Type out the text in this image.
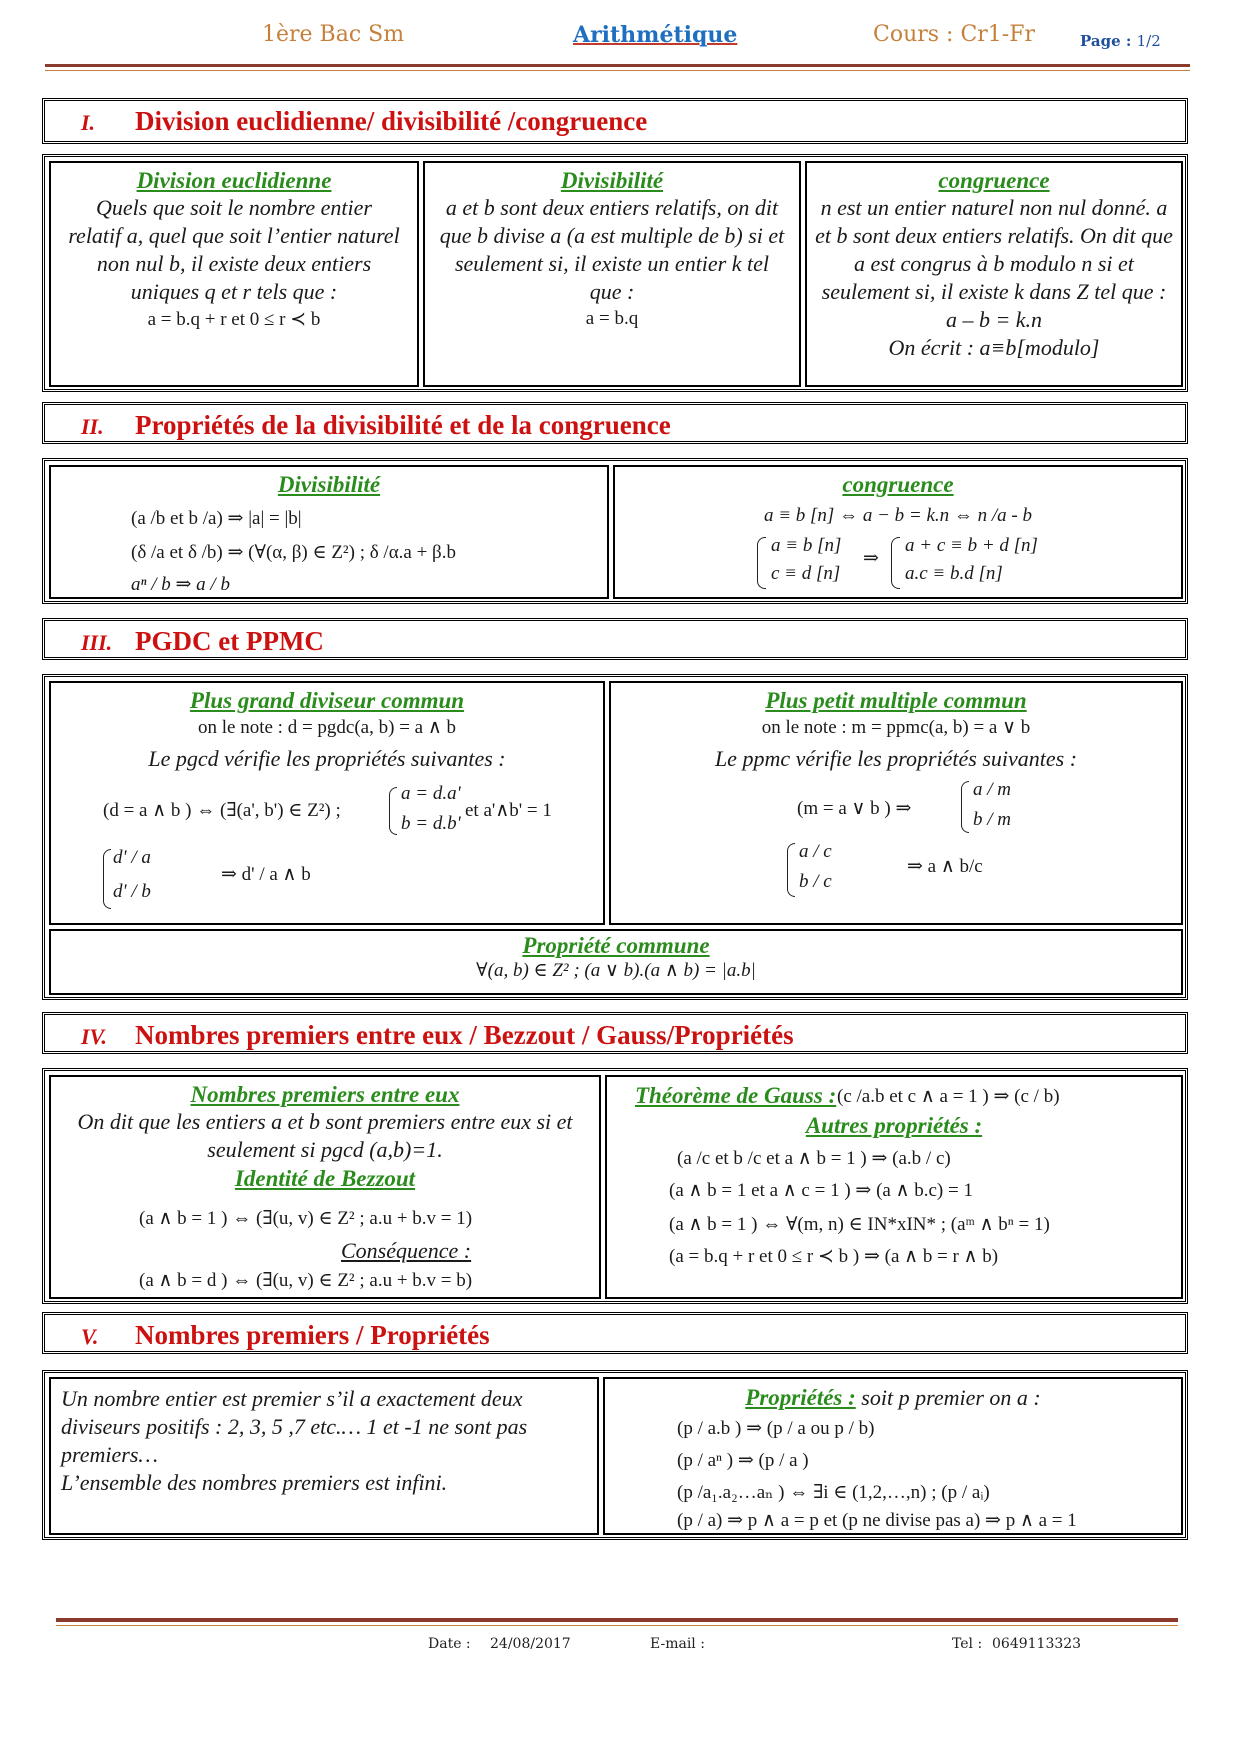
1ère Bac Sm	Arithmétique	Cours : Cr1-Fr	Page : 1/2
I. Division euclidienne/ divisibilité /congruence
Division euclidienne
Quels que soit le nombre entier relatif a, quel que soit l’entier naturel non nul b, il existe deux entiers uniques q et r tels que :
a = b.q + r et 0 ≤ r ≺ b
Divisibilité
a et b sont deux entiers relatifs, on dit que b divise a (a est multiple de b) si et seulement si, il existe un entier k tel que :
a = b.q
congruence
n est un entier naturel non nul donné. a et b sont deux entiers relatifs. On dit que a est congrus à b modulo n si et seulement si, il existe k dans Z tel que : a – b = k.n
On écrit : a≡b[modulo]
II. Propriétés de la divisibilité et de la congruence
Divisibilité
(a /b et b /a) ⇒ |a| = |b|
(δ /a et δ /b) ⇒ (∀(α, β) ∈ Z²) ; δ /α.a + β.b
aⁿ / b ⇒ a / b
congruence
a ≡ b [n] ⇔ a − b = k.n ⇔ n /a - b
a ≡ b [n]
c ≡ d [n]
⇒
a + c ≡ b + d [n]
a.c ≡ b.d [n]
III. PGDC et PPMC
Plus grand diviseur commun
on le note : d = pgdc(a, b) = a ∧ b
Le pgcd vérifie les propriétés suivantes :
(d = a ∧ b ) ⇔ (∃(a', b') ∈ Z²) ;
a = d.a'
b = d.b'
et a'∧b' = 1
d' / a
d' / b
⇒ d' / a ∧ b
Plus petit multiple commun
on le note : m = ppmc(a, b) = a ∨ b
Le ppmc vérifie les propriétés suivantes :
(m = a ∨ b ) ⇒
a / m
b / m
a / c
b / c
⇒ a ∧ b/c
Propriété commune
∀(a, b) ∈ Z² ; (a ∨ b).(a ∧ b) = |a.b|
IV. Nombres premiers entre eux / Bezzout / Gauss/Propriétés
Nombres premiers entre eux
On dit que les entiers a et b sont premiers entre eux si et seulement si pgcd (a,b)=1.
Identité de Bezzout
(a ∧ b = 1 ) ⇔ (∃(u, v) ∈ Z² ; a.u + b.v = 1)
Conséquence :
(a ∧ b = d ) ⇔ (∃(u, v) ∈ Z² ; a.u + b.v = b)
Théorème de Gauss : (c /a.b et c ∧ a = 1 ) ⇒ (c / b)
Autres propriétés :
(a /c et b /c et a ∧ b = 1 ) ⇒ (a.b / c)
(a ∧ b = 1 et a ∧ c = 1 ) ⇒ (a ∧ b.c) = 1
(a ∧ b = 1 ) ⇔ ∀(m, n) ∈ IN*xIN* ; (aᵐ ∧ bⁿ = 1)
(a = b.q + r et 0 ≤ r ≺ b ) ⇒ (a ∧ b = r ∧ b)
V. Nombres premiers / Propriétés
Un nombre entier est premier s’il a exactement deux diviseurs positifs : 2, 3, 5 ,7 etc.… 1 et -1 ne sont pas premiers…
L’ensemble des nombres premiers est infini.
Propriétés : soit p premier on a :
(p / a.b ) ⇒ (p / a ou p / b)
(p / aⁿ ) ⇒ (p / a )
(p /a₁.a₂…aₙ ) ⇔ ∃i ∈ (1,2,…,n) ; (p / aᵢ)
(p / a) ⇒ p ∧ a = p et (p ne divise pas a) ⇒ p ∧ a = 1
Date : 24/08/2017	E-mail :	Tel : 0649113323
